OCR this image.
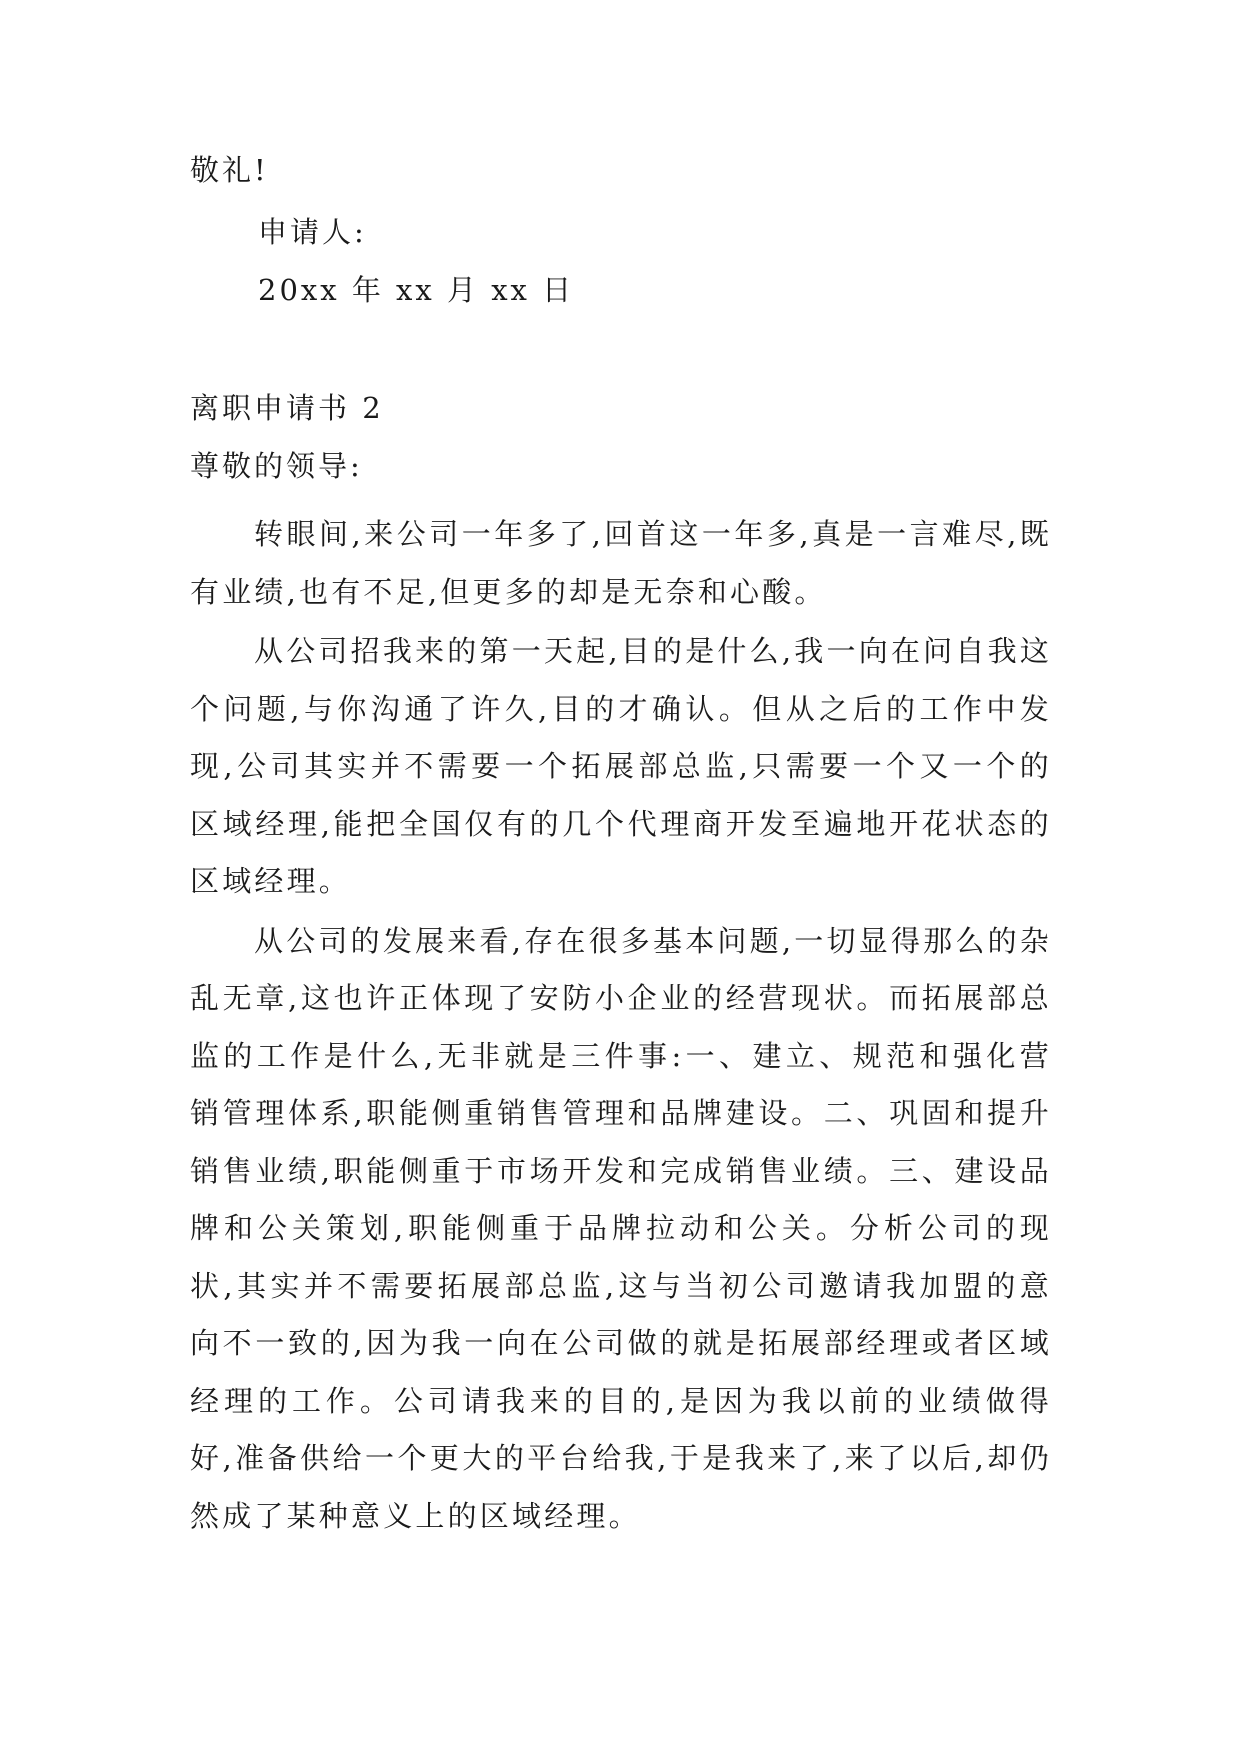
敬礼!
申请人:
20xx 年 xx 月 xx 日
离职申请书 2
尊敬的领导:

转眼间,来公司一年多了,回首这一年多,真是一言难尽,既有业绩,也有不足,但更多的却是无奈和心酸。

从公司招我来的第一天起,目的是什么,我一向在问自我这个问题,与你沟通了许久,目的才确认。但从之后的工作中发现,公司其实并不需要一个拓展部总监,只需要一个又一个的区域经理,能把全国仅有的几个代理商开发至遍地开花状态的区域经理。

从公司的发展来看,存在很多基本问题,一切显得那么的杂乱无章,这也许正体现了安防小企业的经营现状。而拓展部总监的工作是什么,无非就是三件事:一、建立、规范和强化营销管理体系,职能侧重销售管理和品牌建设。二、巩固和提升销售业绩,职能侧重于市场开发和完成销售业绩。三、建设品牌和公关策划,职能侧重于品牌拉动和公关。分析公司的现状,其实并不需要拓展部总监,这与当初公司邀请我加盟的意向不一致的,因为我一向在公司做的就是拓展部经理或者区域经理的工作。公司请我来的目的,是因为我以前的业绩做得好,准备供给一个更大的平台给我,于是我来了,来了以后,却仍然成了某种意义上的区域经理。
